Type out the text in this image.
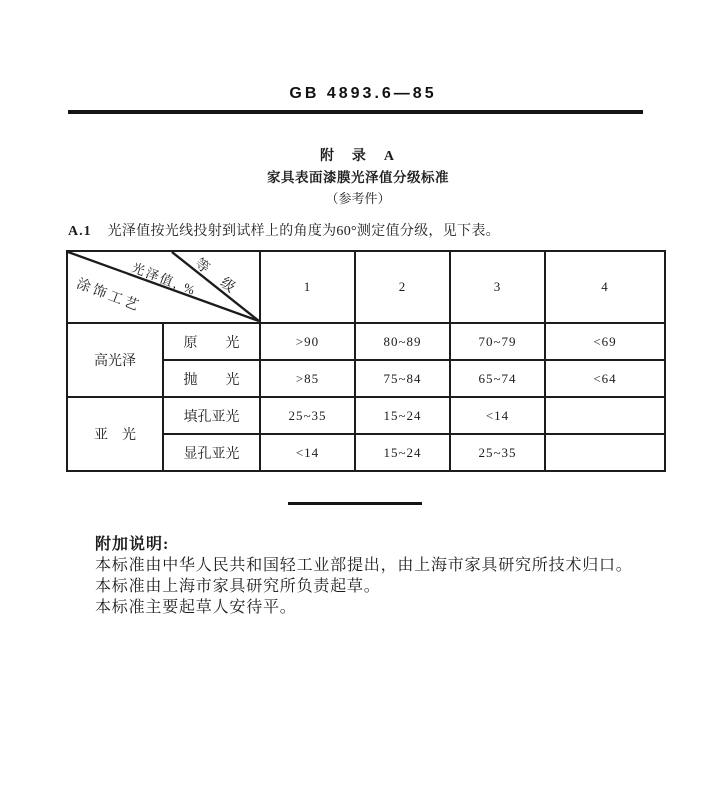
GB 4893.6—85
附　录　A
家具表面漆膜光泽值分级标准
（参考件）
A.1 光泽值按光线投射到试样上的角度为60°测定值分级，见下表。
等　级
光泽值, %
涂饰工艺		1	2	3	4
高光泽	原　　光	>90	80~89	70~79	<69
	抛　　光	>85	75~84	65~74	<64
亚　光	填孔亚光	25~35	15~24	<14	
	显孔亚光	<14	15~24	25~35	
附加说明:
本标准由中华人民共和国轻工业部提出，由上海市家具研究所技术归口。
本标准由上海市家具研究所负责起草。
本标准主要起草人安待平。
